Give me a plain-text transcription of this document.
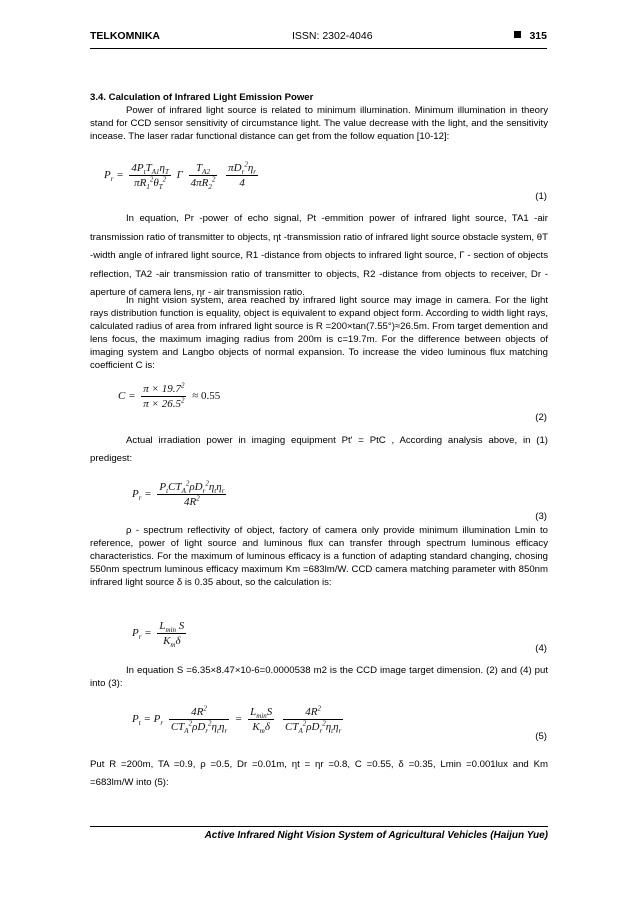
TELKOMNIKA	ISSN: 2302-4046	315
3.4. Calculation of Infrared Light Emission Power
Power of infrared light source is related to minimum illumination. Minimum illumination in theory stand for CCD sensor sensitivity of circumstance light. The value decrease with the light, and the sensitivity incease. The laser radar functional distance can get from the follow equation [10-12]:
$P_r = \frac{4P_tT_{A1}\eta_T}{\pi R_1^2\theta_T^2}$ Γ $\frac{T_{A2}}{4\pi R_2^2}$
$\frac{\pi D_r^2\eta_r}{4}$
(1)
In equation, Pr -power of echo signal, Pt -emmition power of infrared light source, TA1 -air transmission ratio of transmitter to objects, ηt -transmission ratio of infrared light source obstacle system, θT -width angle of infrared light source, R1 -distance from objects to infrared light source, Γ - section of objects reflection, TA2 -air transmission ratio of transmitter to objects, R2 -distance from objects to receiver, Dr -aperture of camera lens, ηr - air transmission ratio.
In night vision system, area reached by infrared light source may image in camera. For the light rays distribution function is equality, object is equivalent to expand object form. According to width light rays, calculated radius of area from infrared light source is R =200×tan(7.55°)≈26.5m. From target demention and lens focus, the maximum imaging radius from 200m is c=19.7m. For the difference between objects of imaging system and Langbo objects of normal expansion. To increase the video luminous flux matching coefficient C is:
$C = \frac{\pi \times 19.7^2}{\pi \times 26.5^2} \approx 0.55$
(2)
Actual irradiation power in imaging equipment Pt' = PtC , According analysis above, in (1) predigest:
$P_r = \frac{P_tCT_A^2\rho D_r^2\eta_t\eta_r}{4R^2}$
(3)
ρ - spectrum reflectivity of object, factory of camera only provide minimum illumination Lmin to reference, power of light source and luminous flux can transfer through spectrum luminous efficacy characteristics. For the maximum of luminous efficacy is a function of adapting standard changing, chosing 550nm spectrum luminous efficacy maximum Km =683lm/W. CCD camera matching parameter with 850nm infrared light source δ is 0.35 about, so the calculation is:
$P_r = \frac{L_{min} S}{K_m\delta}$
(4)
In equation S =6.35×8.47×10-6=0.0000538 m2 is the CCD image target dimension. (2) and (4) put into (3):
$P_t = P_r \frac{4R^2}{CT_A^2\rho D_r^2\eta_t\eta_r} = \frac{L_{min}S}{K_m\delta}$
$\frac{4R^2}{CT_A^2\rho D_r^2\eta_t\eta_r}$
(5)
Put R =200m, TA =0.9, ρ =0.5, Dr =0.01m, ηt = ηr =0.8, C =0.55, δ =0.35, Lmin =0.001lux and Km =683lm/W into (5):
Active Infrared Night Vision System of Agricultural Vehicles (Haijun Yue)
